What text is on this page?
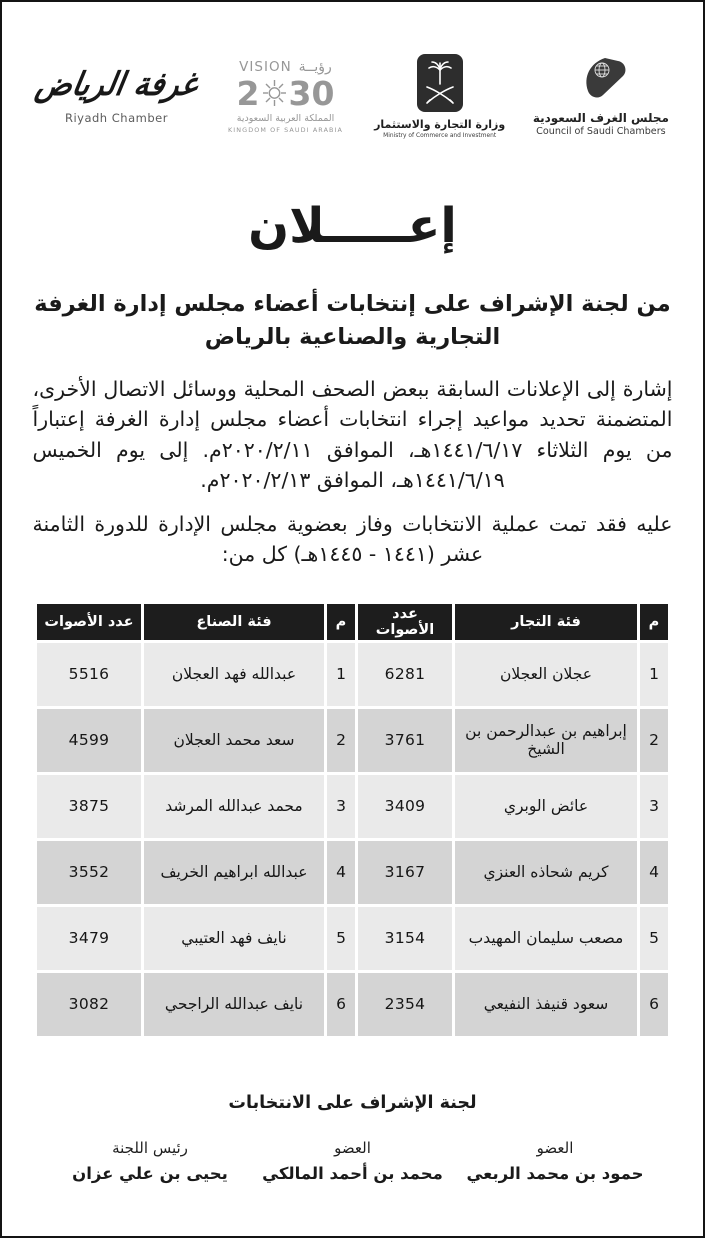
غرفة الرياض
Riyadh Chamber
VISION رؤيــة
2 30
المملكة العربية السعودية
KINGDOM OF SAUDI ARABIA	وزارة التجارة والاستثمار
Ministry of Commerce and Investment
مجلس الغرف السعودية
Council of Saudi Chambers
إعـــــلان
من لجنة الإشراف على إنتخابات أعضاء مجلس إدارة الغرفة التجارية والصناعية بالرياض
إشارة إلى الإعلانات السابقة ببعض الصحف المحلية ووسائل الاتصال الأخرى، المتضمنة تحديد مواعيد إجراء انتخابات أعضاء مجلس إدارة الغرفة إعتباراً من يوم الثلاثاء ١٤٤١/٦/١٧هـ، الموافق ٢٠٢٠/٢/١١م. إلى يوم الخميس ١٤٤١/٦/١٩هـ، الموافق ٢٠٢٠/٢/١٣م.
عليه فقد تمت عملية الانتخابات وفاز بعضوية مجلس الإدارة للدورة الثامنة عشر (١٤٤١ - ١٤٤٥هـ) كل من:
م	فئة التجار	عدد الأصوات	م	فئة الصناع	عدد الأصوات
1	عجلان العجلان	6281	1	عبدالله فهد العجلان	5516
2	إبراهيم بن عبدالرحمن بن الشيخ	3761	2	سعد محمد العجلان	4599
3	عائض الوبري	3409	3	محمد عبدالله المرشد	3875
4	كريم شحاذه العنزي	3167	4	عبدالله ابراهيم الخريف	3552
5	مصعب سليمان المهيدب	3154	5	نايف فهد العتيبي	3479
6	سعود قنيفذ النفيعي	2354	6	نايف عبدالله الراجحي	3082
لجنة الإشراف على الانتخابات
العضو
حمود بن محمد الربعي
العضو
محمد بن أحمد المالكي
رئيس اللجنة
يحيى بن علي عزان
